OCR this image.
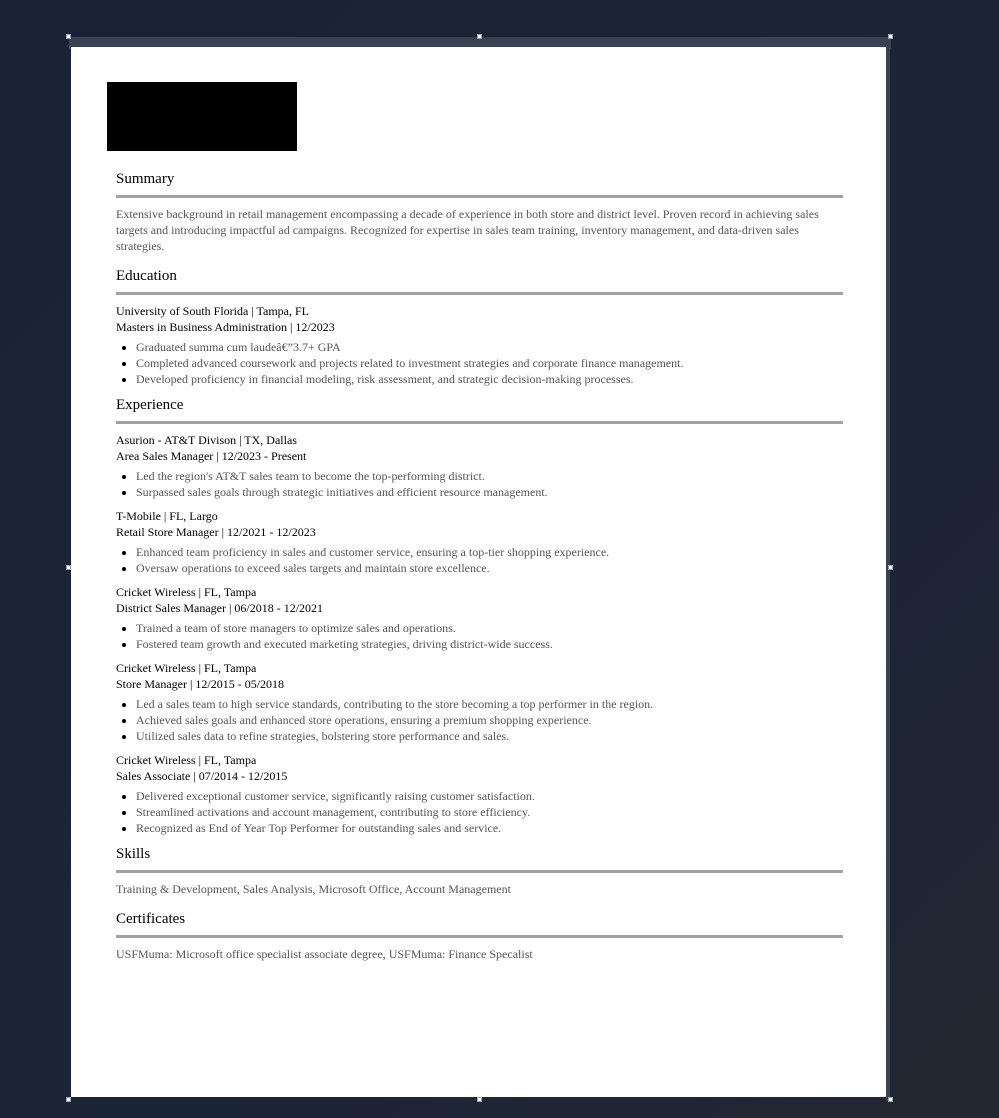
Summary
Extensive background in retail management encompassing a decade of experience in both store and district level. Proven record in achieving sales targets and introducing impactful ad campaigns. Recognized for expertise in sales team training, inventory management, and data-driven sales strategies.
Education
University of South Florida | Tampa, FL
Masters in Business Administration | 12/2023
• Graduated summa cum laudeâ€”3.7+ GPA
• Completed advanced coursework and projects related to investment strategies and corporate finance management.
• Developed proficiency in financial modeling, risk assessment, and strategic decision-making processes.
Experience
Asurion - AT&T Divison | TX, Dallas
Area Sales Manager | 12/2023 - Present
• Led the region's AT&T sales team to become the top-performing district.
• Surpassed sales goals through strategic initiatives and efficient resource management.
T-Mobile | FL, Largo
Retail Store Manager | 12/2021 - 12/2023
• Enhanced team proficiency in sales and customer service, ensuring a top-tier shopping experience.
• Oversaw operations to exceed sales targets and maintain store excellence.
Cricket Wireless | FL, Tampa
District Sales Manager | 06/2018 - 12/2021
• Trained a team of store managers to optimize sales and operations.
• Fostered team growth and executed marketing strategies, driving district-wide success.
Cricket Wireless | FL, Tampa
Store Manager | 12/2015 - 05/2018
• Led a sales team to high service standards, contributing to the store becoming a top performer in the region.
• Achieved sales goals and enhanced store operations, ensuring a premium shopping experience.
• Utilized sales data to refine strategies, bolstering store performance and sales.
Cricket Wireless | FL, Tampa
Sales Associate | 07/2014 - 12/2015
• Delivered exceptional customer service, significantly raising customer satisfaction.
• Streamlined activations and account management, contributing to store efficiency.
• Recognized as End of Year Top Performer for outstanding sales and service.
Skills
Training & Development, Sales Analysis, Microsoft Office, Account Management
Certificates
USFMuma: Microsoft office specialist associate degree, USFMuma: Finance Specalist
